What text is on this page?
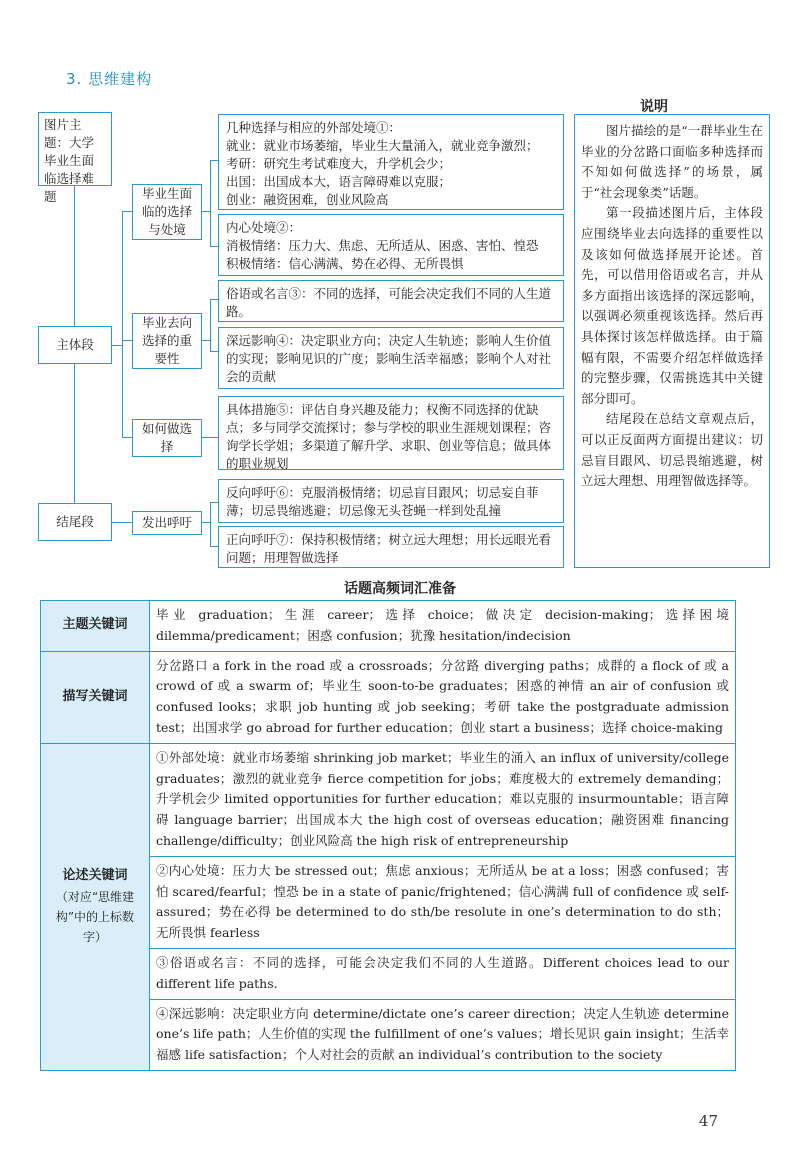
3. 思维建构
图片主题：大学毕业生面临选择难题
主体段
结尾段
毕业生面临的选择与处境
毕业去向选择的重要性
如何做选择
发出呼吁
几种选择与相应的外部处境①：
就业：就业市场萎缩，毕业生大量涌入，就业竞争激烈；
考研：研究生考试难度大，升学机会少；
出国：出国成本大，语言障碍难以克服；
创业：融资困难，创业风险高
内心处境②：
消极情绪：压力大、焦虑、无所适从、困惑、害怕、惶恐
积极情绪：信心满满、势在必得、无所畏惧
俗语或名言③：不同的选择，可能会决定我们不同的人生道路。
深远影响④：决定职业方向；决定人生轨迹；影响人生价值的实现；影响见识的广度；影响生活幸福感；影响个人对社会的贡献
具体措施⑤：评估自身兴趣及能力；权衡不同选择的优缺点；多与同学交流探讨；参与学校的职业生涯规划课程；咨询学长学姐；多渠道了解升学、求职、创业等信息；做具体的职业规划
反向呼吁⑥：克服消极情绪；切忌盲目跟风；切忌妄自菲薄；切忌畏缩逃避；切忌像无头苍蝇一样到处乱撞
正向呼吁⑦：保持积极情绪；树立远大理想；用长远眼光看问题；用理智做选择
说明

图片描绘的是“一群毕业生在毕业的分岔路口面临多种选择而不知如何做选择”的场景，属于“社会现象类”话题。

第一段描述图片后，主体段应围绕毕业去向选择的重要性以及该如何做选择展开论述。首先，可以借用俗语或名言，并从多方面指出该选择的深远影响，以强调必须重视该选择。然后再具体探讨该怎样做选择。由于篇幅有限，不需要介绍怎样做选择的完整步骤，仅需挑选其中关键部分即可。

结尾段在总结文章观点后，可以正反面两方面提出建议：切忌盲目跟风、切忌畏缩逃避，树立远大理想、用理智做选择等。

话题高频词汇准备
主题关键词	毕业 graduation；生涯 career；选择 choice；做决定 decision-making；选择困境 dilemma/predicament；困惑 confusion；犹豫 hesitation/indecision
描写关键词	分岔路口 a fork in the road 或 a crossroads；分岔路 diverging paths；成群的 a flock of 或 a crowd of 或 a swarm of；毕业生 soon-to-be graduates；困惑的神情 an air of confusion 或 confused looks；求职 job hunting 或 job seeking；考研 take the postgraduate admission test；出国求学 go abroad for further education；创业 start a business；选择 choice-making
论述关键词
（对应“思维建构”中的上标数字）	①外部处境：就业市场萎缩 shrinking job market；毕业生的涌入 an influx of university/college graduates；激烈的就业竞争 fierce competition for jobs；难度极大的 extremely demanding；升学机会少 limited opportunities for further education；难以克服的 insurmountable；语言障碍 language barrier；出国成本大 the high cost of overseas education；融资困难 financing challenge/difficulty；创业风险高 the high risk of entrepreneurship
	②内心处境：压力大 be stressed out；焦虑 anxious；无所适从 be at a loss；困惑 confused；害怕 scared/fearful；惶恐 be in a state of panic/frightened；信心满满 full of confidence 或 self-assured；势在必得 be determined to do sth/be resolute in one’s determination to do sth；无所畏惧 fearless
	③俗语或名言：不同的选择，可能会决定我们不同的人生道路。Different choices lead to our different life paths.
	④深远影响：决定职业方向 determine/dictate one’s career direction；决定人生轨迹 determine one’s life path；人生价值的实现 the fulfillment of one’s values；增长见识 gain insight；生活幸福感 life satisfaction；个人对社会的贡献 an individual’s contribution to the society
47
